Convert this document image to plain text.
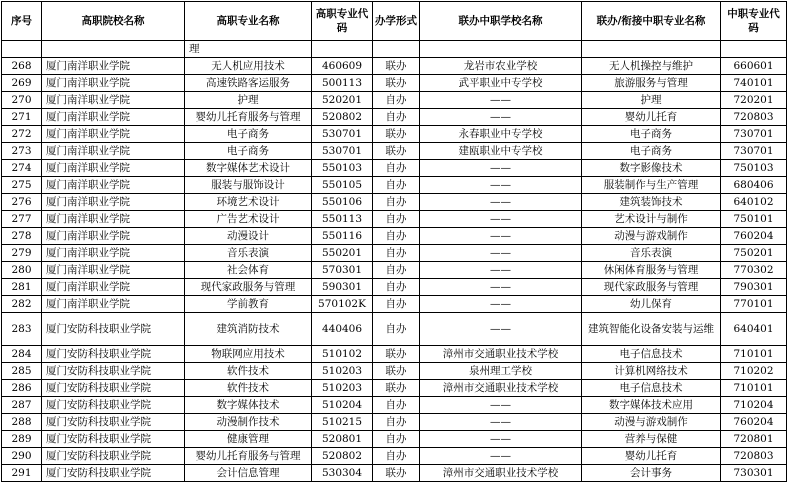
序号	高职院校名称	高职专业名称	高职专业代码	办学形式	联办中职学校名称	联办/衔接中职专业名称	中职专业代码
		理					
268	厦门南洋职业学院	无人机应用技术	460609	联办	龙岩市农业学校	无人机操控与维护	660601
269	厦门南洋职业学院	高速铁路客运服务	500113	联办	武平职业中专学校	旅游服务与管理	740101
270	厦门南洋职业学院	护理	520201	自办	——	护理	720201
271	厦门南洋职业学院	婴幼儿托育服务与管理	520802	自办	——	婴幼儿托育	720803
272	厦门南洋职业学院	电子商务	530701	联办	永春职业中专学校	电子商务	730701
273	厦门南洋职业学院	电子商务	530701	联办	建瓯职业中专学校	电子商务	730701
274	厦门南洋职业学院	数字媒体艺术设计	550103	自办	——	数字影像技术	750103
275	厦门南洋职业学院	服装与服饰设计	550105	自办	——	服装制作与生产管理	680406
276	厦门南洋职业学院	环境艺术设计	550106	自办	——	建筑装饰技术	640102
277	厦门南洋职业学院	广告艺术设计	550113	自办	——	艺术设计与制作	750101
278	厦门南洋职业学院	动漫设计	550116	自办	——	动漫与游戏制作	760204
279	厦门南洋职业学院	音乐表演	550201	自办	——	音乐表演	750201
280	厦门南洋职业学院	社会体育	570301	自办	——	休闲体育服务与管理	770302
281	厦门南洋职业学院	现代家政服务与管理	590301	自办	——	现代家政服务与管理	790301
282	厦门南洋职业学院	学前教育	570102K	自办	——	幼儿保育	770101
283	厦门安防科技职业学院	建筑消防技术	440406	自办	——	建筑智能化设备安装与运维	640401
284	厦门安防科技职业学院	物联网应用技术	510102	联办	漳州市交通职业技术学校	电子信息技术	710101
285	厦门安防科技职业学院	软件技术	510203	联办	泉州理工学校	计算机网络技术	710202
286	厦门安防科技职业学院	软件技术	510203	联办	漳州市交通职业技术学校	电子信息技术	710101
287	厦门安防科技职业学院	数字媒体技术	510204	自办	——	数字媒体技术应用	710204
288	厦门安防科技职业学院	动漫制作技术	510215	自办	——	动漫与游戏制作	760204
289	厦门安防科技职业学院	健康管理	520801	自办	——	营养与保健	720801
290	厦门安防科技职业学院	婴幼儿托育服务与管理	520802	自办	——	婴幼儿托育	720803
291	厦门安防科技职业学院	会计信息管理	530304	联办	漳州市交通职业技术学校	会计事务	730301
